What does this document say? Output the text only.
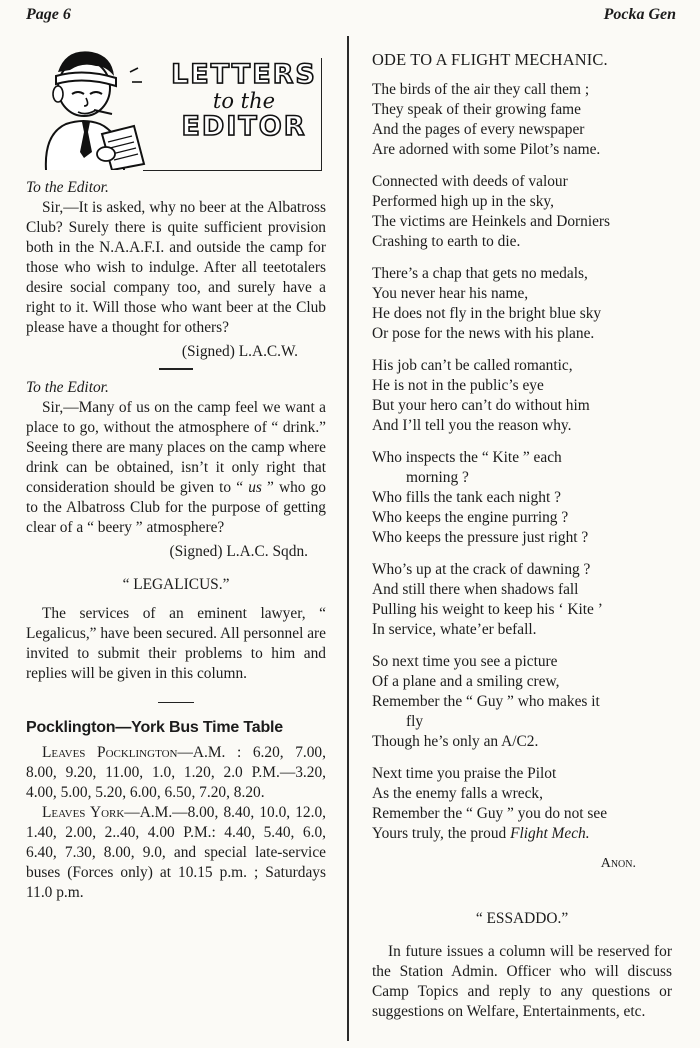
Page 6	Pocka Gen
LETTERS
to the
EDITOR

To the Editor.

Sir,—It is asked, why no beer at the Albatross Club? Surely there is quite sufficient provision both in the N.A.A.F.I. and outside the camp for those who wish to indulge. After all teetotalers desire social company too, and surely have a right to it. Will those who want beer at the Club please have a thought for others?

(Signed) L.A.C.W.

To the Editor.

Sir,—Many of us on the camp feel we want a place to go, without the atmosphere of “ drink.” Seeing there are many places on the camp where drink can be obtained, isn’t it only right that consideration should be given to “ us ” who go to the Albatross Club for the purpose of getting clear of a “ beery ” atmosphere?

(Signed) L.A.C. Sqdn.

“ LEGALICUS.”

The services of an eminent lawyer, “ Legalicus,” have been secured. All personnel are invited to submit their problems to him and replies will be given in this column.

Pocklington—York Bus Time Table

Leaves Pocklington—A.M. : 6.20, 7.00, 8.00, 9.20, 11.00, 1.0, 1.20, 2.0 P.M.—3.20, 4.00, 5.00, 5.20, 6.00, 6.50, 7.20, 8.20.

Leaves York—A.M.—8.00, 8.40, 10.0, 12.0, 1.40, 2.00, 2..40, 4.00 P.M.: 4.40, 5.40, 6.0, 6.40, 7.30, 8.00, 9.0, and special late-service buses (Forces only) at 10.15 p.m. ; Saturdays 11.0 p.m.

ODE TO A FLIGHT MECHANIC.
The birds of the air they call them ;
They speak of their growing fame
And the pages of every newspaper
Are adorned with some Pilot’s name.
Connected with deeds of valour
Performed high up in the sky,
The victims are Heinkels and Dorniers
Crashing to earth to die.
There’s a chap that gets no medals,
You never hear his name,
He does not fly in the bright blue sky
Or pose for the news with his plane.
His job can’t be called romantic,
He is not in the public’s eye
But your hero can’t do without him
And I’ll tell you the reason why.
Who inspects the “ Kite ” each
morning ?
Who fills the tank each night ?
Who keeps the engine purring ?
Who keeps the pressure just right ?
Who’s up at the crack of dawning ?
And still there when shadows fall
Pulling his weight to keep his ‘ Kite ’
In service, whate’er befall.
So next time you see a picture
Of a plane and a smiling crew,
Remember the “ Guy ” who makes it
fly
Though he’s only an A/C2.
Next time you praise the Pilot
As the enemy falls a wreck,
Remember the “ Guy ” you do not see
Yours truly, the proud Flight Mech.
Anon.
“ ESSADDO.”

In future issues a column will be reserved for the Station Admin. Officer who will discuss Camp Topics and reply to any questions or suggestions on Welfare, Entertainments, etc.
